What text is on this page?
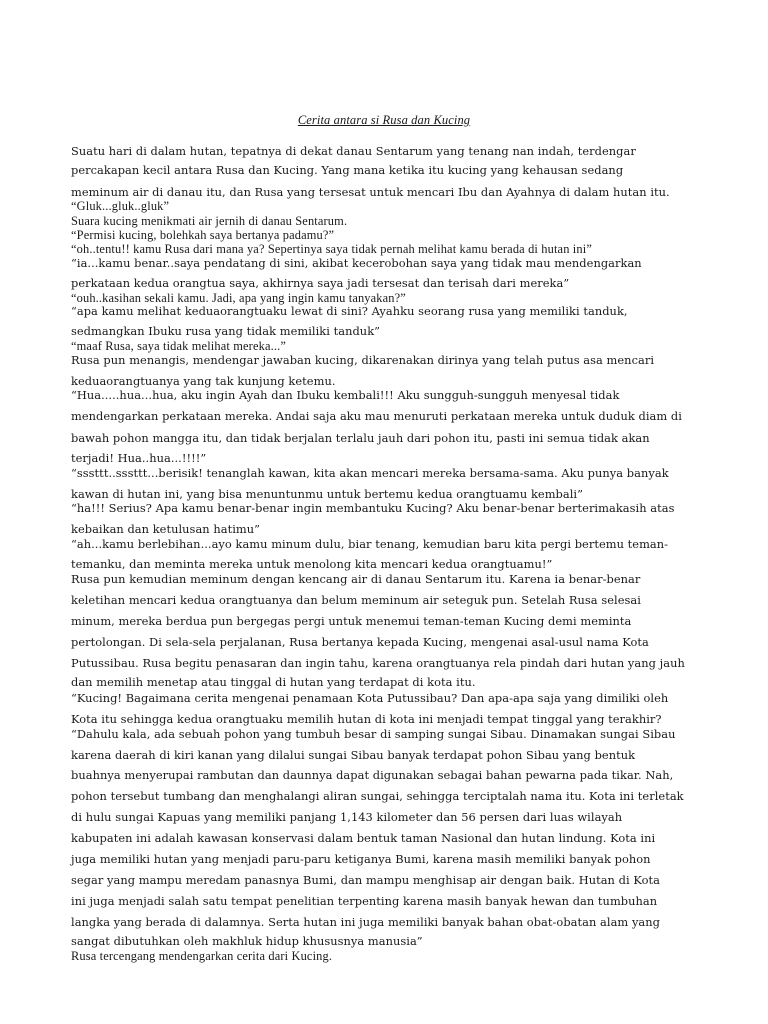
Cerita antara si Rusa dan Kucing
Suatu hari di dalam hutan, tepatnya di dekat danau Sentarum yang tenang nan indah, terdengar
percakapan kecil antara Rusa dan Kucing. Yang mana ketika itu kucing yang kehausan sedang
meminum air di danau itu, dan Rusa yang tersesat untuk mencari Ibu dan Ayahnya di dalam hutan itu.
“Gluk...gluk..gluk”
Suara kucing menikmati air jernih di danau Sentarum.
“Permisi kucing, bolehkah saya bertanya padamu?”
“oh..tentu!! kamu Rusa dari mana ya? Sepertinya saya tidak pernah melihat kamu berada di hutan ini”
“ia...kamu benar..saya pendatang di sini, akibat kecerobohan saya yang tidak mau mendengarkan
perkataan kedua orangtua saya, akhirnya saya jadi tersesat dan terisah dari mereka”
“ouh..kasihan sekali kamu. Jadi, apa yang ingin kamu tanyakan?”
“apa kamu melihat keduaorangtuaku lewat di sini? Ayahku seorang rusa yang memiliki tanduk,
sedmangkan Ibuku rusa yang tidak memiliki tanduk”
“maaf Rusa, saya tidak melihat mereka...”
Rusa pun menangis, mendengar jawaban kucing, dikarenakan dirinya yang telah putus asa mencari
keduaorangtuanya yang tak kunjung ketemu.
“Hua.....hua...hua, aku ingin Ayah dan Ibuku kembali!!! Aku sungguh-sungguh menyesal tidak
mendengarkan perkataan mereka. Andai saja aku mau menuruti perkataan mereka untuk duduk diam di
bawah pohon mangga itu, dan tidak berjalan terlalu jauh dari pohon itu, pasti ini semua tidak akan
terjadi! Hua..hua...!!!!”
“sssttt..sssttt...berisik! tenanglah kawan, kita akan mencari mereka bersama-sama. Aku punya banyak
kawan di hutan ini, yang bisa menuntunmu untuk bertemu kedua orangtuamu kembali”
“ha!!! Serius? Apa kamu benar-benar ingin membantuku Kucing? Aku benar-benar berterimakasih atas
kebaikan dan ketulusan hatimu”
“ah...kamu berlebihan...ayo kamu minum dulu, biar tenang, kemudian baru kita pergi bertemu teman-
temanku, dan meminta mereka untuk menolong kita mencari kedua orangtuamu!”
Rusa pun kemudian meminum dengan kencang air di danau Sentarum itu. Karena ia benar-benar
keletihan mencari kedua orangtuanya dan belum meminum air seteguk pun. Setelah Rusa selesai
minum, mereka berdua pun bergegas pergi untuk menemui teman-teman Kucing demi meminta
pertolongan. Di sela-sela perjalanan, Rusa bertanya kepada Kucing, mengenai asal-usul nama Kota
Putussibau. Rusa begitu penasaran dan ingin tahu, karena orangtuanya rela pindah dari hutan yang jauh
dan memilih menetap atau tinggal di hutan yang terdapat di kota itu.
“Kucing! Bagaimana cerita mengenai penamaan Kota Putussibau? Dan apa-apa saja yang dimiliki oleh
Kota itu sehingga kedua orangtuaku memilih hutan di kota ini menjadi tempat tinggal yang terakhir?
“Dahulu kala, ada sebuah pohon yang tumbuh besar di samping sungai Sibau. Dinamakan sungai Sibau
karena daerah di kiri kanan yang dilalui sungai Sibau banyak terdapat pohon Sibau yang bentuk
buahnya menyerupai rambutan dan daunnya dapat digunakan sebagai bahan pewarna pada tikar. Nah,
pohon tersebut tumbang dan menghalangi aliran sungai, sehingga terciptalah nama itu. Kota ini terletak
di hulu sungai Kapuas yang memiliki panjang 1,143 kilometer dan 56 persen dari luas wilayah
kabupaten ini adalah kawasan konservasi dalam bentuk taman Nasional dan hutan lindung. Kota ini
juga memiliki hutan yang menjadi paru-paru ketiganya Bumi, karena masih memiliki banyak pohon
segar yang mampu meredam panasnya Bumi, dan mampu menghisap air dengan baik. Hutan di Kota
ini juga menjadi salah satu tempat penelitian terpenting karena masih banyak hewan dan tumbuhan
langka yang berada di dalamnya. Serta hutan ini juga memiliki banyak bahan obat-obatan alam yang
sangat dibutuhkan oleh makhluk hidup khususnya manusia”
Rusa tercengang mendengarkan cerita dari Kucing.
